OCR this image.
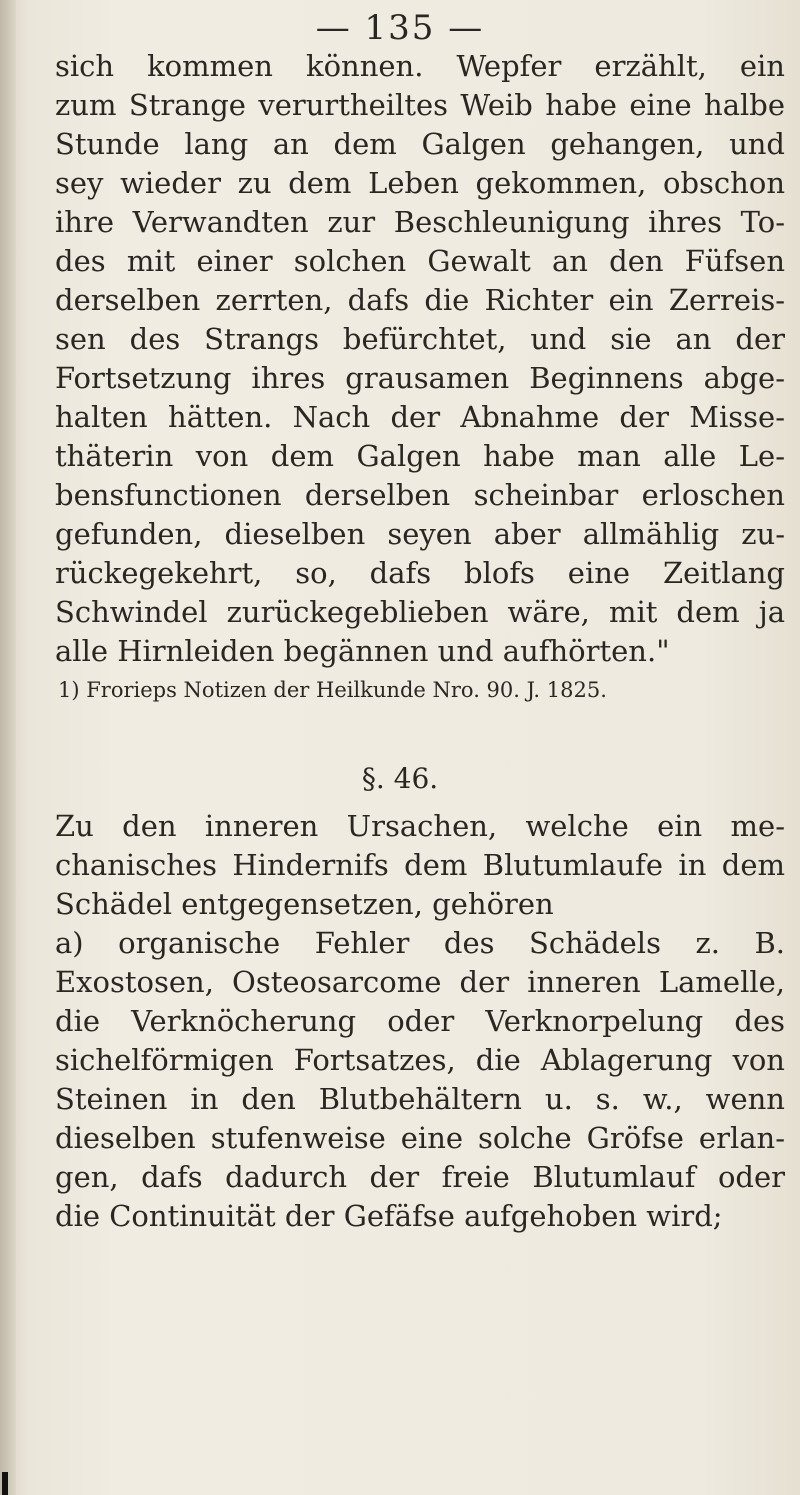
— 135 —
sich kommen können. Wepfer erzählt, ein
zum Strange verurtheiltes Weib habe eine halbe
Stunde lang an dem Galgen gehangen, und
sey wieder zu dem Leben gekommen, obschon
ihre Verwandten zur Beschleunigung ihres To-
des mit einer solchen Gewalt an den Füfsen
derselben zerrten, dafs die Richter ein Zerreis-
sen des Strangs befürchtet, und sie an der
Fortsetzung ihres grausamen Beginnens abge-
halten hätten. Nach der Abnahme der Misse-
thäterin von dem Galgen habe man alle Le-
bensfunctionen derselben scheinbar erloschen
gefunden, dieselben seyen aber allmählig zu-
rückegekehrt, so, dafs blofs eine Zeitlang
Schwindel zurückegeblieben wäre, mit dem ja
alle Hirnleiden begännen und aufhörten."
1) Frorieps Notizen der Heilkunde Nro. 90. J. 1825.
§. 46.
Zu den inneren Ursachen, welche ein me-
chanisches Hindernifs dem Blutumlaufe in dem
Schädel entgegensetzen, gehören
a) organische Fehler des Schädels z. B.
Exostosen, Osteosarcome der inneren Lamelle,
die Verknöcherung oder Verknorpelung des
sichelförmigen Fortsatzes, die Ablagerung von
Steinen in den Blutbehältern u. s. w., wenn
dieselben stufenweise eine solche Gröfse erlan-
gen, dafs dadurch der freie Blutumlauf oder
die Continuität der Gefäfse aufgehoben wird;
